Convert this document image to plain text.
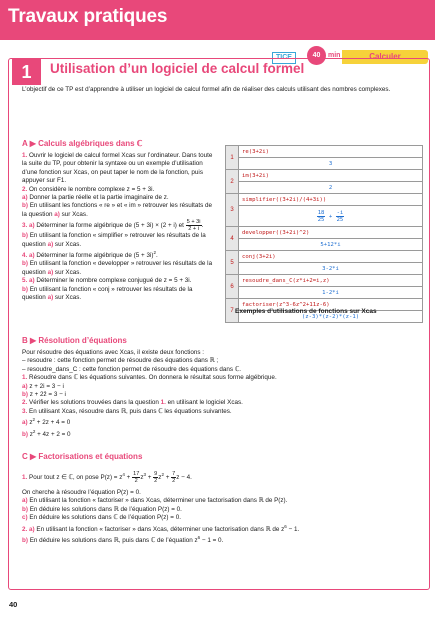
Travaux pratiques
TICE	40	min	Calculer
1	Utilisation d’un logiciel de calcul formel
L’objectif de ce TP est d’apprendre à utiliser un logiciel de calcul formel afin de réaliser des calculs utilisant des nombres complexes.
A ▶ Calculs algébriques dans ℂ
1. Ouvrir le logiciel de calcul formel Xcas sur l’ordinateur. Dans toute la suite du TP, pour obtenir la syntaxe ou un exemple d’utilisation d’une fonction sur Xcas, on peut taper le nom de la fonction, puis appuyer sur F1.
2. On considère le nombre complexe z = 5 + 3i.
a) Donner la partie réelle et la partie imaginaire de z.
b) En utilisant les fonctions « re » et « im » retrouver les résultats de la question a) sur Xcas.
3. a) Déterminer la forme algébrique de (5 + 3i) × (2 + i) et $\frac{5 + 3i}{2 + i}$ .
b) En utilisant la fonction « simplifier » retrouver les résultats de la question a) sur Xcas.
4. a) Déterminer la forme algébrique de $(5 + 3i)^2$.
b) En utilisant la fonction « developper » retrouver les résultats de la question a) sur Xcas.
5. a) Déterminer le nombre complexe conjugué de z = 5 + 3i.
b) En utilisant la fonction « conj » retrouver les résultats de la question a) sur Xcas.
1	re(3+2i)
	3
2	im(3+2i)
	2
3	simplifier((3+2i)/(4+3i))

	$\frac{18}{25} + \frac{-i}{25}$

4	developper((3+2i)^2)
	5+12*i
5	conj(3+2i)
	3-2*i
6	resoudre_dans_C(z*i+2=i,z)
	1-2*i
7	factoriser(z^3-6z^2+11z-6)
	(z-3)*(z-2)*(z-1)
Exemples d’utilisations de fonctions sur Xcas
B ▶ Résolution d’équations
Pour résoudre des équations avec Xcas, il existe deux fonctions :
– resoudre : cette fonction permet de résoudre des équations dans ℝ ;
– resoudre_dans_C : cette fonction permet de résoudre des équations dans ℂ.
1. Résoudre dans ℂ les équations suivantes. On donnera le résultat sous forme algébrique.
a) z + 2i = 3 − i
b) z + 2z̄ = 3 − i
2. Vérifier les solutions trouvées dans la question 1. en utilisant le logiciel Xcas.
3. En utilisant Xcas, résoudre dans ℝ, puis dans ℂ les équations suivantes.
a) $z^2 + 2z + 4 = 0$
b) $z^2 + 4z + 2 = 0$
C ▶ Factorisations et équations
1. Pour tout z ∈ ℂ, on pose $P(z) = z^4 + \frac{17}{2} z^3 + \frac{9}{2} z^2 + \frac{7}{2}$ z − 4.
On cherche à résoudre l’équation P(z) = 0.
a) En utilisant la fonction « factoriser » dans Xcas, déterminer une factorisation dans ℝ de P(z).
b) En déduire les solutions dans ℝ de l’équation P(z) = 0.
c) En déduire les solutions dans ℂ de l’équation P(z) = 0.
2. a) En utilisant la fonction « factoriser » dans Xcas, déterminer une factorisation dans ℝ de $z^6 - 1$.
b) En déduire les solutions dans ℝ, puis dans ℂ de l’équation $z^6 - 1 = 0$.
40
